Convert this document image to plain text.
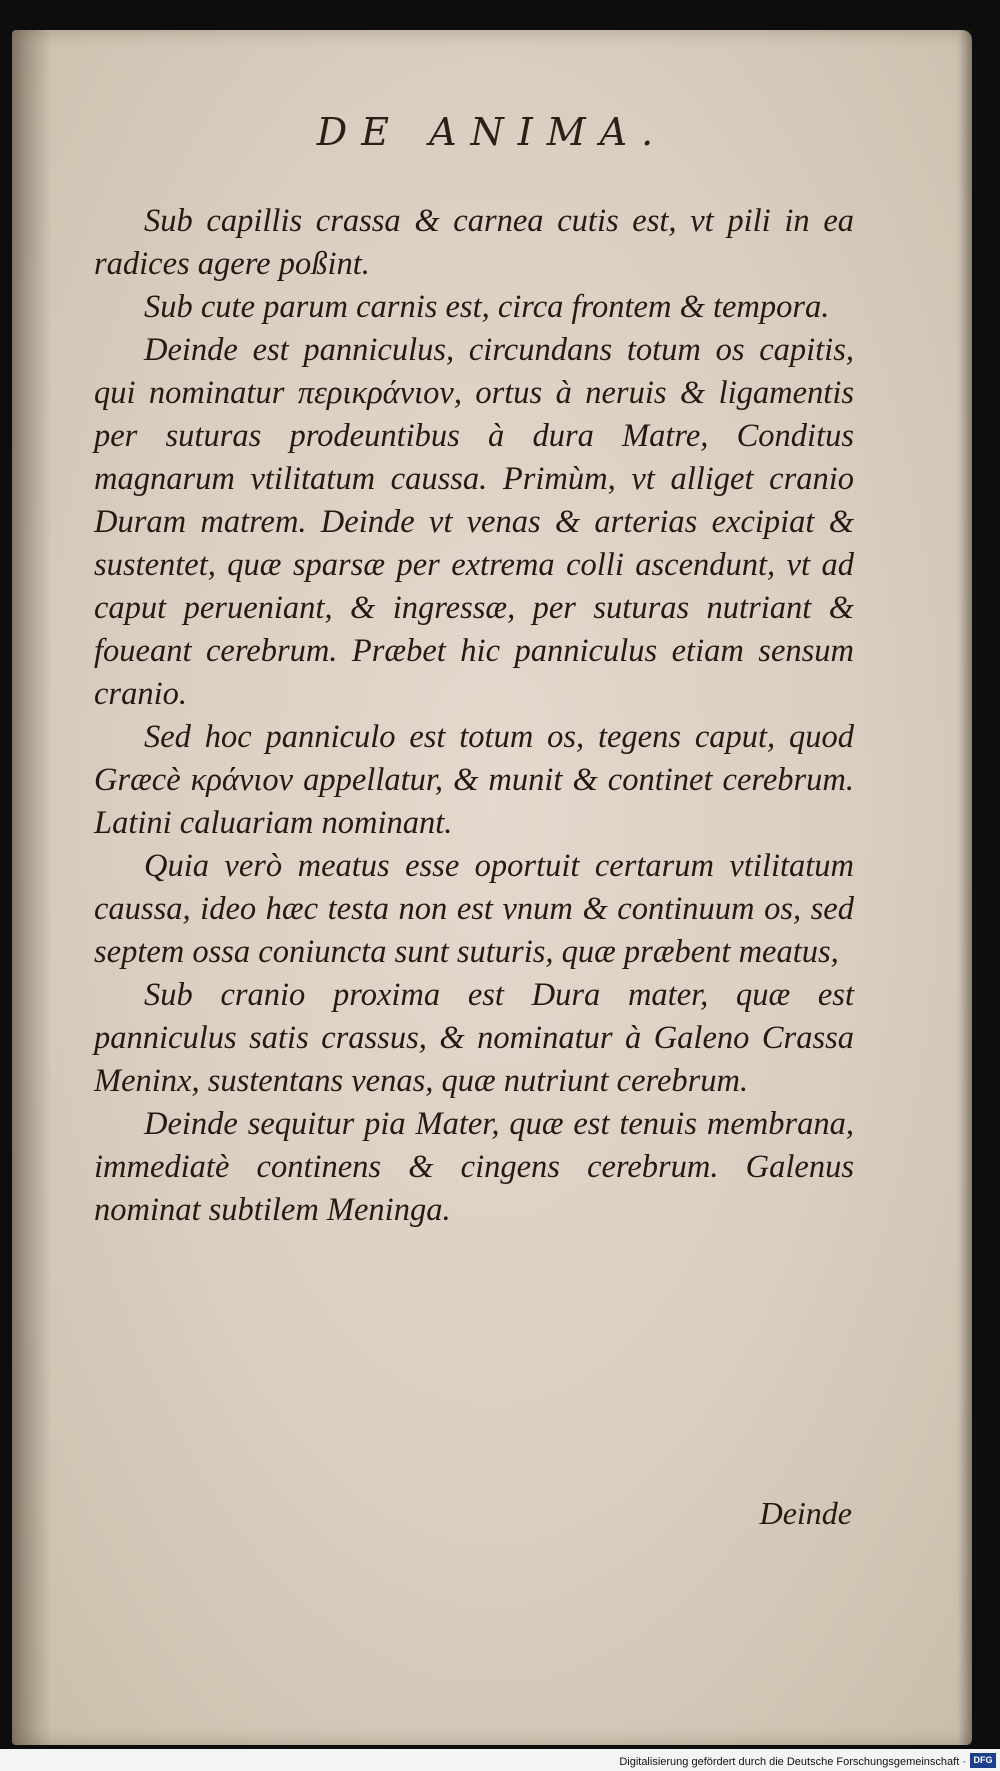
DE ANIMA.

Sub capillis crassa & carnea cutis est, vt pili in ea radices agere poßint.

Sub cute parum carnis est, circa frontem & tempora.

Deinde est panniculus, circundans totum os capitis, qui nominatur περικράνιον, ortus à neruis & ligamentis per suturas prodeuntibus à dura Matre, Conditus magnarum vtilitatum caussa. Primùm, vt alliget cranio Duram matrem. Deinde vt venas & arterias excipiat & sustentet, quæ sparsæ per extrema colli ascendunt, vt ad caput perueniant, & ingressæ, per suturas nutriant & foueant cerebrum. Præbet hic panniculus etiam sensum cranio.

Sed hoc panniculo est totum os, tegens caput, quod Græcè κράνιον appellatur, & munit & continet cerebrum. Latini caluariam nominant.

Quia verò meatus esse oportuit certarum vtilitatum caussa, ideo hæc testa non est vnum & continuum os, sed septem ossa coniuncta sunt suturis, quæ præbent meatus,

Sub cranio proxima est Dura mater, quæ est panniculus satis crassus, & nominatur à Galeno Crassa Meninx, sustentans venas, quæ nutriunt cerebrum.

Deinde sequitur pia Mater, quæ est tenuis membrana, immediatè continens & cingens cerebrum. Galenus nominat subtilem Meninga.

Deinde
Digitalisierung gefördert durch die Deutsche Forschungsgemeinschaft · DFG
